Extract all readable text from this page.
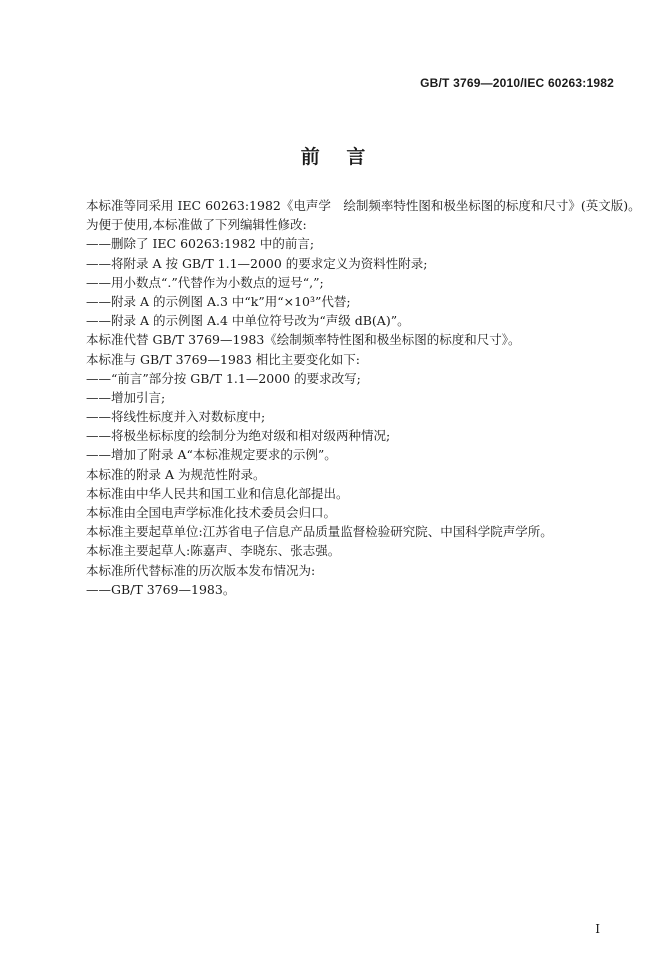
GB/T 3769—2010/IEC 60263:1982
前　言
本标准等同采用 IEC 60263:1982《电声学　绘制频率特性图和极坐标图的标度和尺寸》(英文版)。
为便于使用,本标准做了下列编辑性修改:
——删除了 IEC 60263:1982 中的前言;
——将附录 A 按 GB/T 1.1—2000 的要求定义为资料性附录;
——用小数点“.”代替作为小数点的逗号“,”;
——附录 A 的示例图 A.3 中“k”用“×10³”代替;
——附录 A 的示例图 A.4 中单位符号改为“声级 dB(A)”。
本标准代替 GB/T 3769—1983《绘制频率特性图和极坐标图的标度和尺寸》。
本标准与 GB/T 3769—1983 相比主要变化如下:
——“前言”部分按 GB/T 1.1—2000 的要求改写;
——增加引言;
——将线性标度并入对数标度中;
——将极坐标标度的绘制分为绝对级和相对级两种情况;
——增加了附录 A“本标准规定要求的示例”。
本标准的附录 A 为规范性附录。
本标准由中华人民共和国工业和信息化部提出。
本标准由全国电声学标准化技术委员会归口。
本标准主要起草单位:江苏省电子信息产品质量监督检验研究院、中国科学院声学所。
本标准主要起草人:陈嘉声、李晓东、张志强。
本标准所代替标准的历次版本发布情况为:
——GB/T 3769—1983。
I
